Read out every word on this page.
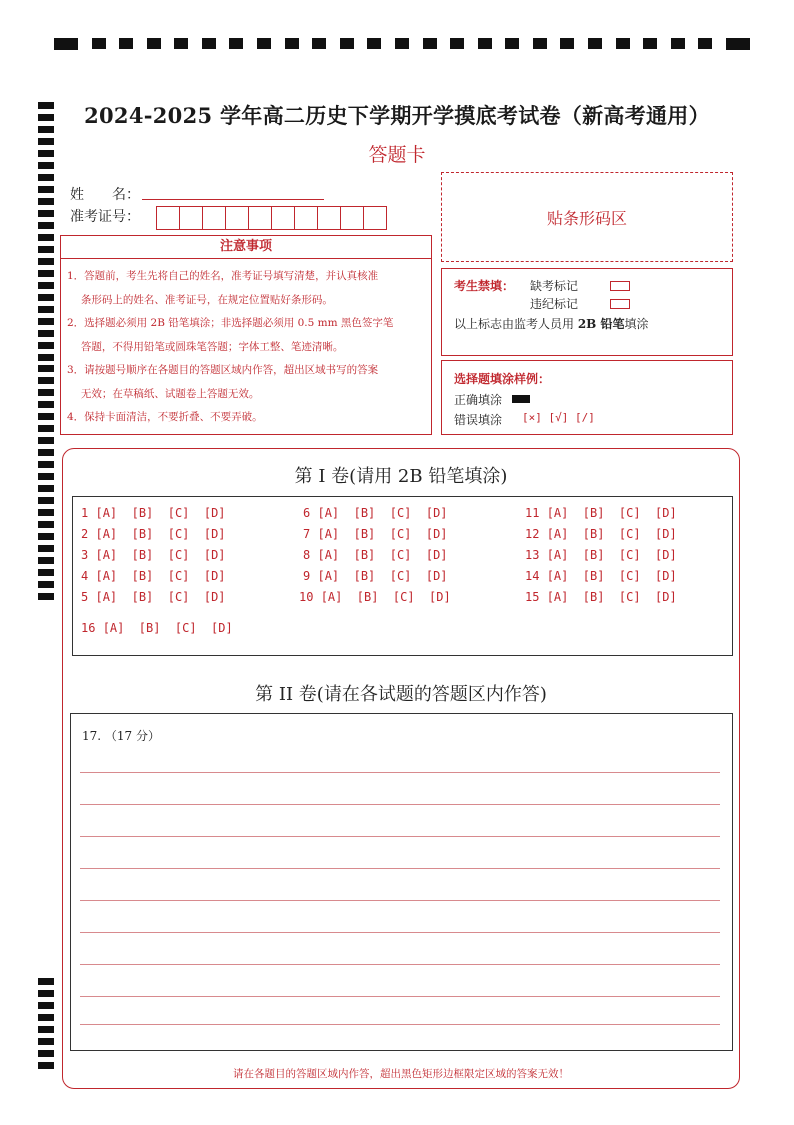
2024-2025 学年高二历史下学期开学摸底考试卷（新高考通用）
答题卡
姓　　名：
准考证号：	贴条形码区
注意事项
1．答题前，考生先将自己的姓名，准考证号填写清楚，并认真核准
　 条形码上的姓名、准考证号，在规定位置贴好条形码。
2．选择题必须用 2B 铅笔填涂；非选择题必须用 0.5 mm 黑色签字笔
　 答题，不得用铅笔或圆珠笔答题；字体工整、笔迹清晰。
3．请按题号顺序在各题目的答题区域内作答，超出区域书写的答案
　 无效；在草稿纸、试题卷上答题无效。
4．保持卡面清洁，不要折叠、不要弄破。
考生禁填： 缺考标记
违纪标记
以上标志由监考人员用 2B 铅笔填涂
选择题填涂样例：
正确填涂
错误填涂 [×] [√] [/]
第 I 卷(请用 2B 铅笔填涂)
1 [A]  [B]  [C]  [D]
2 [A]  [B]  [C]  [D]
3 [A]  [B]  [C]  [D]
4 [A]  [B]  [C]  [D]
5 [A]  [B]  [C]  [D]
16 [A]  [B]  [C]  [D]
6 [A]  [B]  [C]  [D]
7 [A]  [B]  [C]  [D]
8 [A]  [B]  [C]  [D]
9 [A]  [B]  [C]  [D]
10 [A]  [B]  [C]  [D]
11 [A]  [B]  [C]  [D]
12 [A]  [B]  [C]  [D]
13 [A]  [B]  [C]  [D]
14 [A]  [B]  [C]  [D]
15 [A]  [B]  [C]  [D]
第 II 卷(请在各试题的答题区内作答)
17. （17 分）
请在各题目的答题区域内作答，超出黑色矩形边框限定区域的答案无效！
